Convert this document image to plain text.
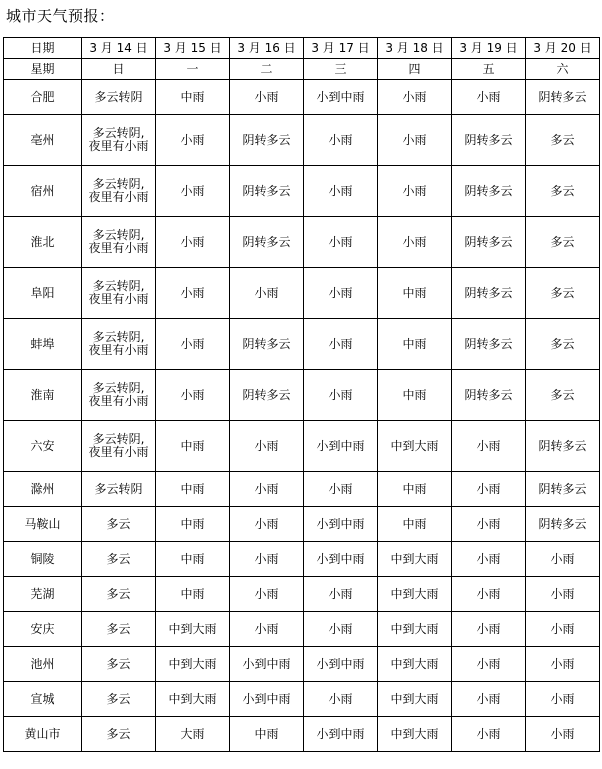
城市天气预报：
日期	3 月 14 日	3 月 15 日	3 月 16 日	3 月 17 日	3 月 18 日	3 月 19 日	3 月 20 日
星期	日	一	二	三	四	五	六
合肥	多云转阴	中雨	小雨	小到中雨	小雨	小雨	阴转多云
亳州	多云转阴,夜里有小雨	小雨	阴转多云	小雨	小雨	阴转多云	多云
宿州	多云转阴,夜里有小雨	小雨	阴转多云	小雨	小雨	阴转多云	多云
淮北	多云转阴,夜里有小雨	小雨	阴转多云	小雨	小雨	阴转多云	多云
阜阳	多云转阴,夜里有小雨	小雨	小雨	小雨	中雨	阴转多云	多云
蚌埠	多云转阴,夜里有小雨	小雨	阴转多云	小雨	中雨	阴转多云	多云
淮南	多云转阴,夜里有小雨	小雨	阴转多云	小雨	中雨	阴转多云	多云
六安	多云转阴,夜里有小雨	中雨	小雨	小到中雨	中到大雨	小雨	阴转多云
滁州	多云转阴	中雨	小雨	小雨	中雨	小雨	阴转多云
马鞍山	多云	中雨	小雨	小到中雨	中雨	小雨	阴转多云
铜陵	多云	中雨	小雨	小到中雨	中到大雨	小雨	小雨
芜湖	多云	中雨	小雨	小雨	中到大雨	小雨	小雨
安庆	多云	中到大雨	小雨	小雨	中到大雨	小雨	小雨
池州	多云	中到大雨	小到中雨	小到中雨	中到大雨	小雨	小雨
宣城	多云	中到大雨	小到中雨	小雨	中到大雨	小雨	小雨
黄山市	多云	大雨	中雨	小到中雨	中到大雨	小雨	小雨
